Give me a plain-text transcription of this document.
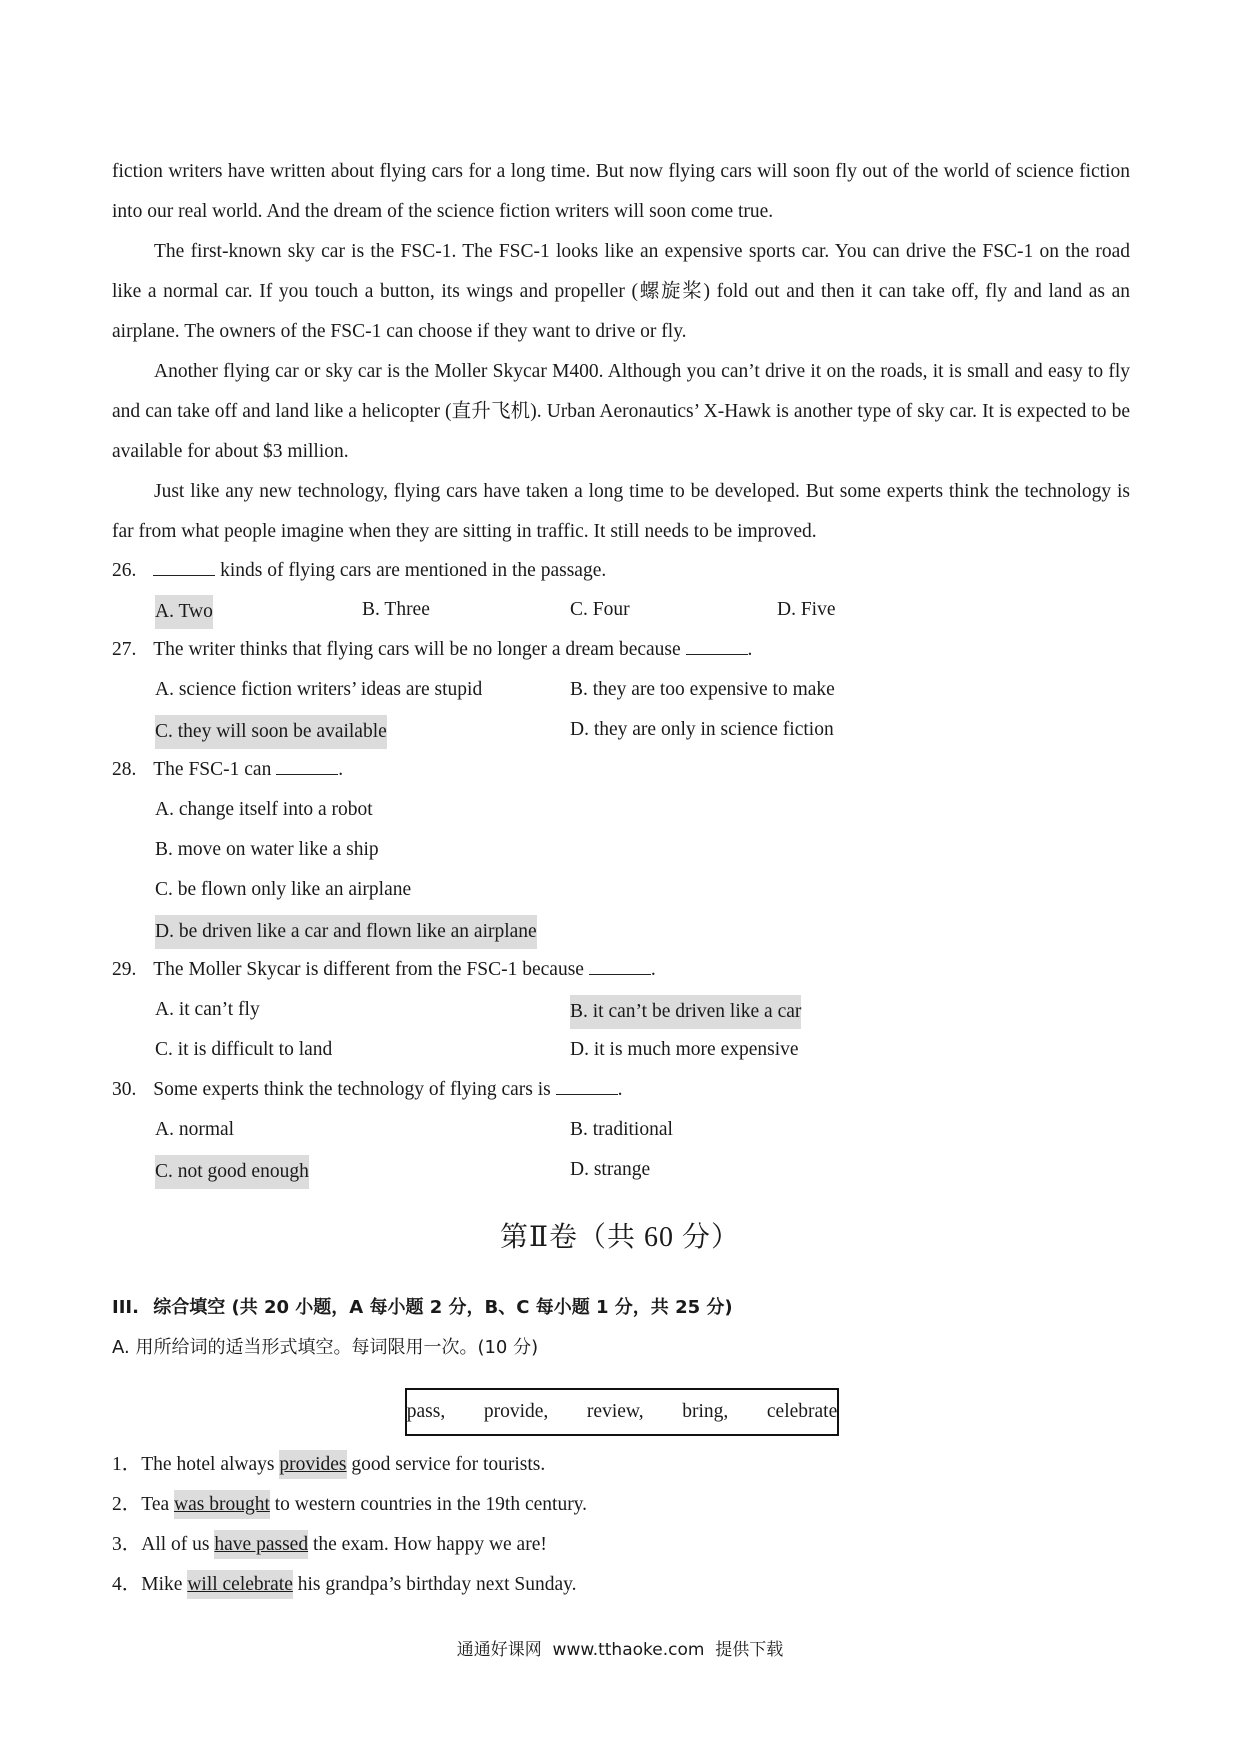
fiction writers have written about flying cars for a long time. But now flying cars will soon fly out of the world of science fiction into our real world. And the dream of the science fiction writers will soon come true.
The first-known sky car is the FSC-1. The FSC-1 looks like an expensive sports car. You can drive the FSC-1 on the road like a normal car. If you touch a button, its wings and propeller (螺旋桨) fold out and then it can take off, fly and land as an airplane. The owners of the FSC-1 can choose if they want to drive or fly.
Another flying car or sky car is the Moller Skycar M400. Although you can’t drive it on the roads, it is small and easy to fly and can take off and land like a helicopter (直升飞机). Urban Aeronautics’ X-Hawk is another type of sky car. It is expected to be available for about $3 million.
Just like any new technology, flying cars have taken a long time to be developed. But some experts think the technology is far from what people imagine when they are sitting in traffic. It still needs to be improved.
26.	kinds of flying cars are mentioned in the passage.
A. Two	B. Three	C. Four	D. Five
27. The writer thinks that flying cars will be no longer a dream because	.
A. science fiction writers’ ideas are stupid	B. they are too expensive to make
C. they will soon be available	D. they are only in science fiction
28. The FSC-1 can	.
A. change itself into a robot
B. move on water like a ship
C. be flown only like an airplane
D. be driven like a car and flown like an airplane
29. The Moller Skycar is different from the FSC-1 because	.
A. it can’t fly	B. it can’t be driven like a car
C. it is difficult to land	D. it is much more expensive
30. Some experts think the technology of flying cars is	.
A. normal	B. traditional
C. not good enough	D. strange
第Ⅱ卷（共 60 分）
III. 综合填空 (共 20 小题，A 每小题 2 分，B、C 每小题 1 分，共 25 分)
A. 用所给词的适当形式填空。每词限用一次。(10 分)
pass,   provide,   review,   bring,   celebrate
1．The hotel always provides good service for tourists.
2．Tea was brought to western countries in the 19th century.
3．All of us have passed the exam. How happy we are!
4．Mike will celebrate his grandpa’s birthday next Sunday.
通通好课网  www.tthaoke.com  提供下载
